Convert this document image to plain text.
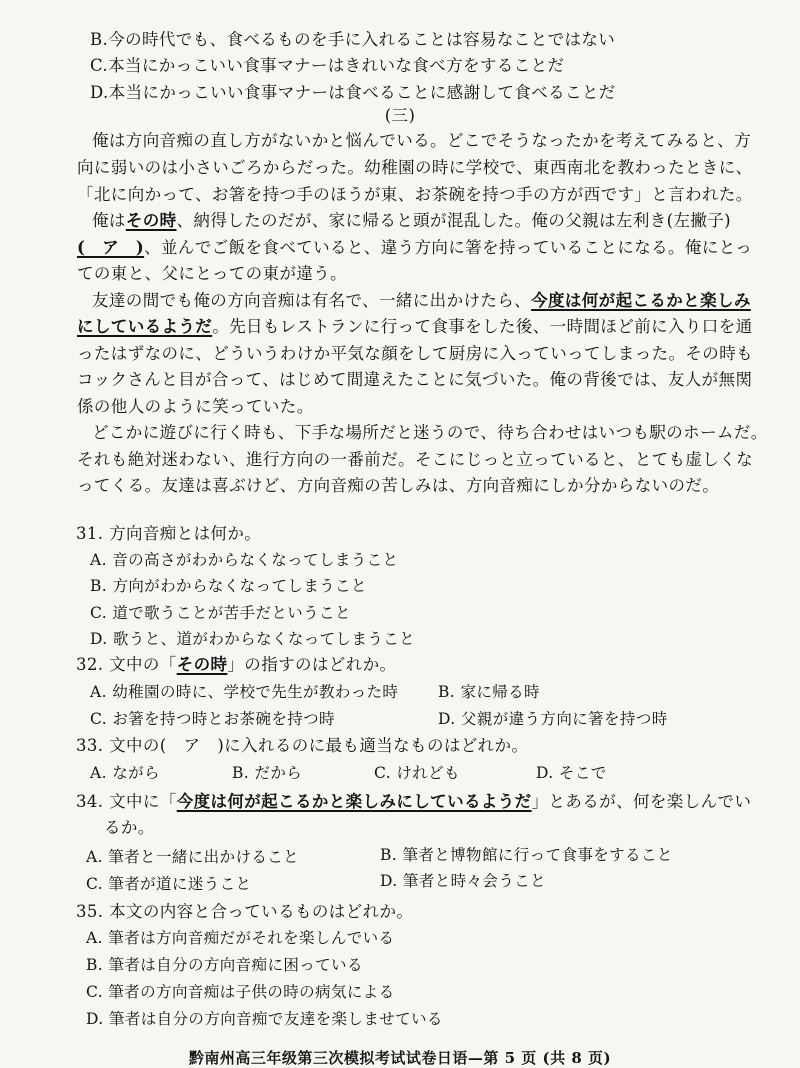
B.今の時代でも、食べるものを手に入れることは容易なことではない
C.本当にかっこいい食事マナーはきれいな食べ方をすることだ
D.本当にかっこいい食事マナーは食べることに感謝して食べることだ
(三)
俺は方向音痴の直し方がないかと悩んでいる。どこでそうなったかを考えてみると、方
向に弱いのは小さいごろからだった。幼稚園の時に学校で、東西南北を教わったときに、
「北に向かって、お箸を持つ手のほうが東、お茶碗を持つ手の方が西です」と言われた。
俺はその時、納得したのだが、家に帰ると頭が混乱した。俺の父親は左利き(左撇子)
(　ア　)、並んでご飯を食べていると、違う方向に箸を持っていることになる。俺にとっ
ての東と、父にとっての東が違う。
友達の間でも俺の方向音痴は有名で、一緒に出かけたら、今度は何が起こるかと楽しみ
にしているようだ。先日もレストランに行って食事をした後、一時間ほど前に入り口を通
ったはずなのに、どういうわけか平気な顔をして厨房に入っていってしまった。その時も
コックさんと目が合って、はじめて間違えたことに気づいた。俺の背後では、友人が無関
係の他人のように笑っていた。
どこかに遊びに行く時も、下手な場所だと迷うので、待ち合わせはいつも駅のホームだ。
それも絶対迷わない、進行方向の一番前だ。そこにじっと立っていると、とても虚しくな
ってくる。友達は喜ぶけど、方向音痴の苦しみは、方向音痴にしか分からないのだ。
31. 方向音痴とは何か。
A. 音の高さがわからなくなってしまうこと
B. 方向がわからなくなってしまうこと
C. 道で歌うことが苦手だということ
D. 歌うと、道がわからなくなってしまうこと
32. 文中の「その時」の指すのはどれか。
A. 幼稚園の時に、学校で先生が教わった時	B. 家に帰る時
C. お箸を持つ時とお茶碗を持つ時	D. 父親が違う方向に箸を持つ時
33. 文中の(　ア　)に入れるのに最も適当なものはどれか。
A. ながら	B. だから	C. けれども	D. そこで
34. 文中に「今度は何が起こるかと楽しみにしているようだ」とあるが、何を楽しんでい
るか。
A. 筆者と一緒に出かけること	B. 筆者と博物館に行って食事をすること
C. 筆者が道に迷うこと	D. 筆者と時々会うこと
35. 本文の内容と合っているものはどれか。
A. 筆者は方向音痴だがそれを楽しんでいる
B. 筆者は自分の方向音痴に困っている
C. 筆者の方向音痴は子供の時の病気による
D. 筆者は自分の方向音痴で友達を楽しませている
黔南州高三年级第三次模拟考试试卷日语—第 5 页 (共 8 页)
